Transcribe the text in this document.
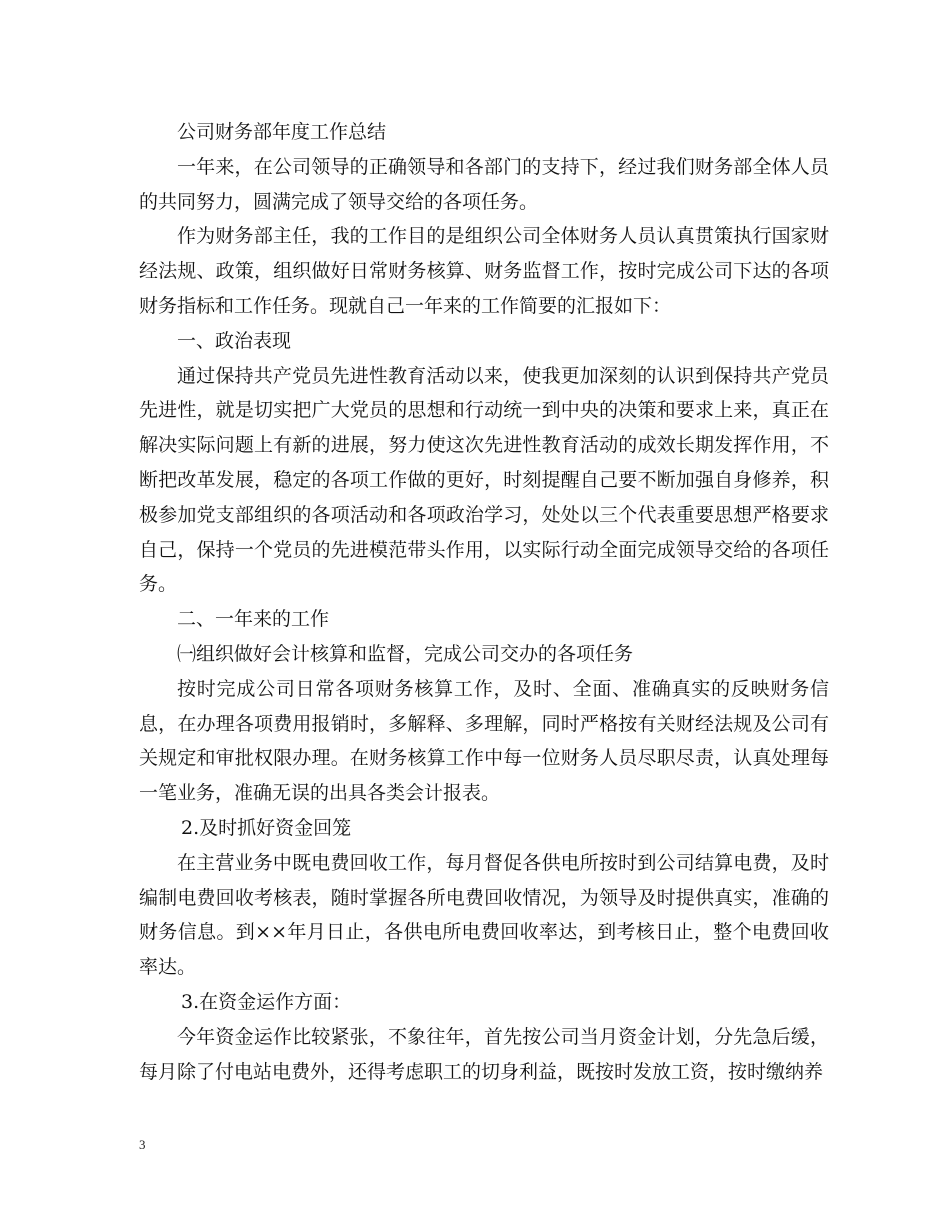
公司财务部年度工作总结

一年来，在公司领导的正确领导和各部门的支持下，经过我们财务部全体人员的共同努力，圆满完成了领导交给的各项任务。

作为财务部主任，我的工作目的是组织公司全体财务人员认真贯策执行国家财经法规、政策，组织做好日常财务核算、财务监督工作，按时完成公司下达的各项财务指标和工作任务。现就自己一年来的工作简要的汇报如下：

一、政治表现

通过保持共产党员先进性教育活动以来，使我更加深刻的认识到保持共产党员先进性，就是切实把广大党员的思想和行动统一到中央的决策和要求上来，真正在解决实际问题上有新的进展，努力使这次先进性教育活动的成效长期发挥作用，不断把改革发展，稳定的各项工作做的更好，时刻提醒自己要不断加强自身修养，积极参加党支部组织的各项活动和各项政治学习，处处以三个代表重要思想严格要求自己，保持一个党员的先进模范带头作用，以实际行动全面完成领导交给的各项任务。

二、一年来的工作

㈠组织做好会计核算和监督，完成公司交办的各项任务

按时完成公司日常各项财务核算工作，及时、全面、准确真实的反映财务信息，在办理各项费用报销时，多解释、多理解，同时严格按有关财经法规及公司有关规定和审批权限办理。在财务核算工作中每一位财务人员尽职尽责，认真处理每一笔业务，准确无误的出具各类会计报表。

2.及时抓好资金回笼

在主营业务中既电费回收工作，每月督促各供电所按时到公司结算电费，及时编制电费回收考核表，随时掌握各所电费回收情况，为领导及时提供真实，准确的财务信息。到××年月日止，各供电所电费回收率达，到考核日止，整个电费回收率达。

3.在资金运作方面：

今年资金运作比较紧张，不象往年，首先按公司当月资金计划，分先急后缓，每月除了付电站电费外，还得考虑职工的切身利益，既按时发放工资，按时缴纳养

3
